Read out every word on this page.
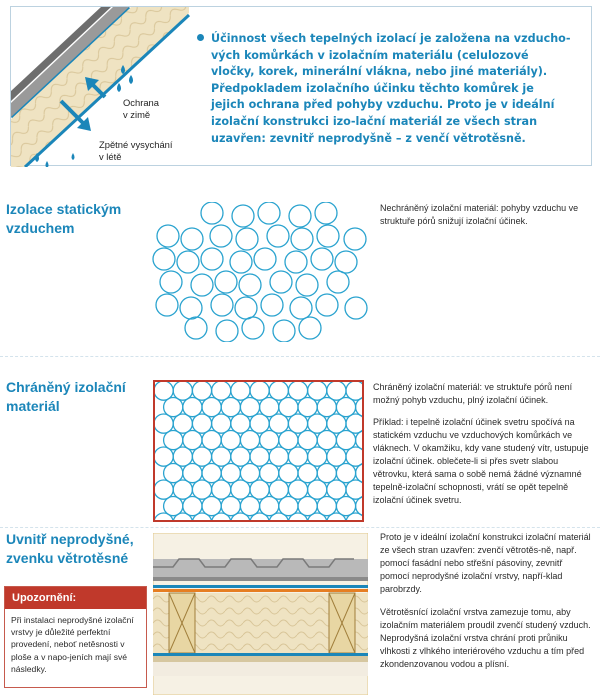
Ochrana
v zimě
Zpětné vysychání
v létě
Účinnost všech tepelných izolací je založena na vzducho-vých komůrkách v izolačním materiálu (celulozové vločky, korek, minerální vlákna, nebo jiné materiály). Předpokladem izolačního účinku těchto komůrek je jejich ochrana před pohyby vzduchu. Proto je v ideální izolační konstrukci izo-lační materiál ze všech stran uzavřen: zevnitř neprodyšně – z venčí větrotěsně.
Izolace statickým
vzduchem
Nechráněný izolační materiál: pohyby vzduchu ve struktuře pórů snižují izolační účinek.
Chráněný izolační
materiál
Chráněný izolační materiál: ve struktuře pórů není možný pohyb vzduchu, plný izolační účinek.
Příklad: i tepelně izolační účinek svetru spočívá na statickém vzduchu ve vzduchových komůrkách ve vláknech. V okamžiku, kdy vane studený vítr, ustupuje izolační účinek. oblečete-li si přes svetr slabou větrovku, která sama o sobě nemá žádné významné tepelně-izolační schopnosti, vrátí se opět tepelně izolační účinek svetru.
Uvnitř neprodyšné,
zvenku větrotěsné
Proto je v ideální izolační konstrukci izolační materiál ze všech stran uzavřen: zvenčí větrotěs-ně, např. pomocí fasádní nebo střešní pásoviny, zevnitř pomocí neprodyšné izolační vrstvy, napří-klad parobrzdy.
Větrotěsnící izolační vrstva zamezuje tomu, aby izolačním materiálem proudil zvenčí studený vzduch. Neprodyšná izolační vrstva chrání proti průniku vlhkosti z vlhkého interiérového vzduchu a tím před zkondenzovanou vodou a plísní.
Upozornění:
Při instalaci neprodyšné izolační vrstvy je důležité perfektní provedení, neboť netěsnosti v ploše a v napo-jeních mají své následky.
